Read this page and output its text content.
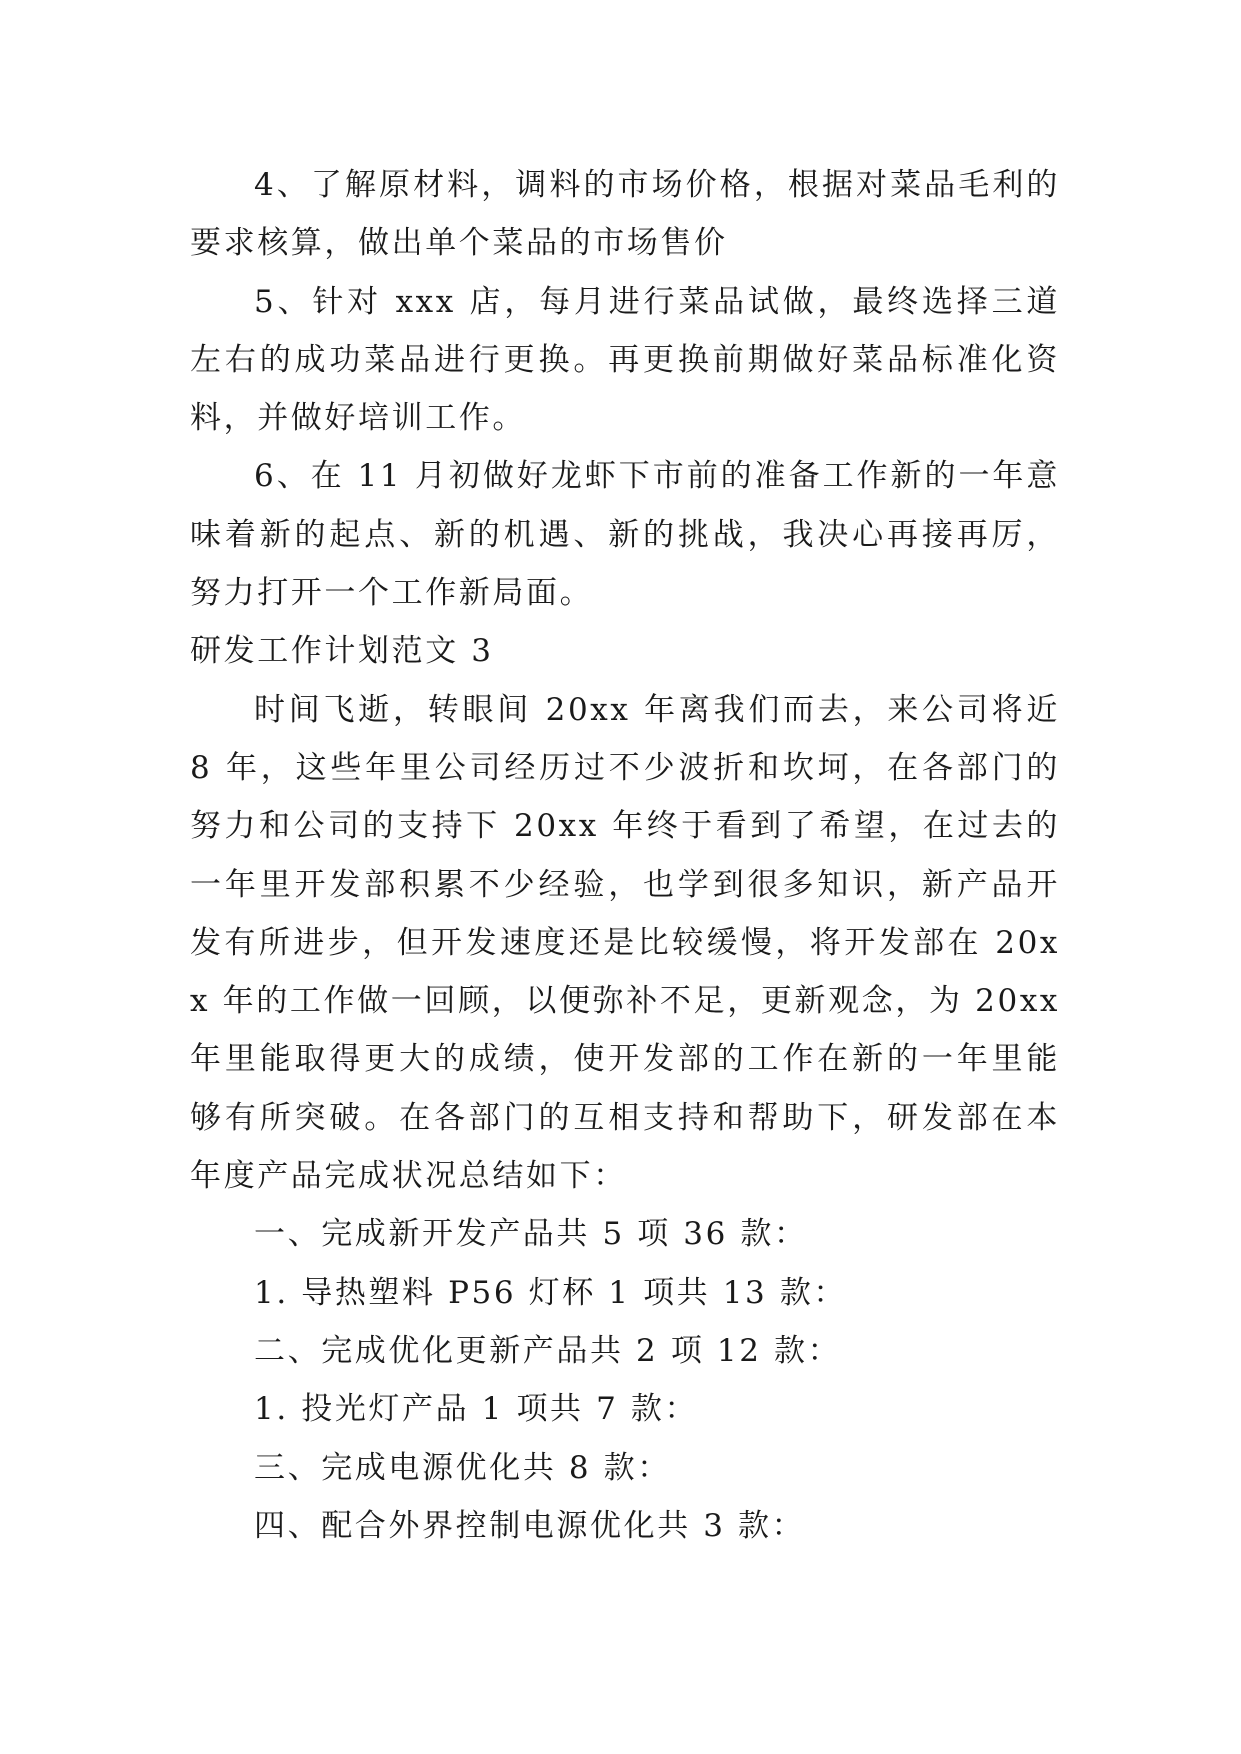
4、了解原材料，调料的市场价格，根据对菜品毛利的要求核算，做出单个菜品的市场售价

5、针对 xxx 店，每月进行菜品试做，最终选择三道左右的成功菜品进行更换。再更换前期做好菜品标准化资料，并做好培训工作。

6、在 11 月初做好龙虾下市前的准备工作新的一年意味着新的起点、新的机遇、新的挑战，我决心再接再厉，努力打开一个工作新局面。

研发工作计划范文 3

时间飞逝，转眼间 20xx 年离我们而去，来公司将近 8 年，这些年里公司经历过不少波折和坎坷，在各部门的努力和公司的支持下 20xx 年终于看到了希望，在过去的一年里开发部积累不少经验，也学到很多知识，新产品开发有所进步，但开发速度还是比较缓慢，将开发部在 20xx 年的工作做一回顾，以便弥补不足，更新观念，为 20xx 年里能取得更大的成绩，使开发部的工作在新的一年里能够有所突破。在各部门的互相支持和帮助下，研发部在本年度产品完成状况总结如下：

一、完成新开发产品共 5 项 36 款：

1. 导热塑料 P56 灯杯 1 项共 13 款：

二、完成优化更新产品共 2 项 12 款：

1. 投光灯产品 1 项共 7 款：

三、完成电源优化共 8 款：

四、配合外界控制电源优化共 3 款：
